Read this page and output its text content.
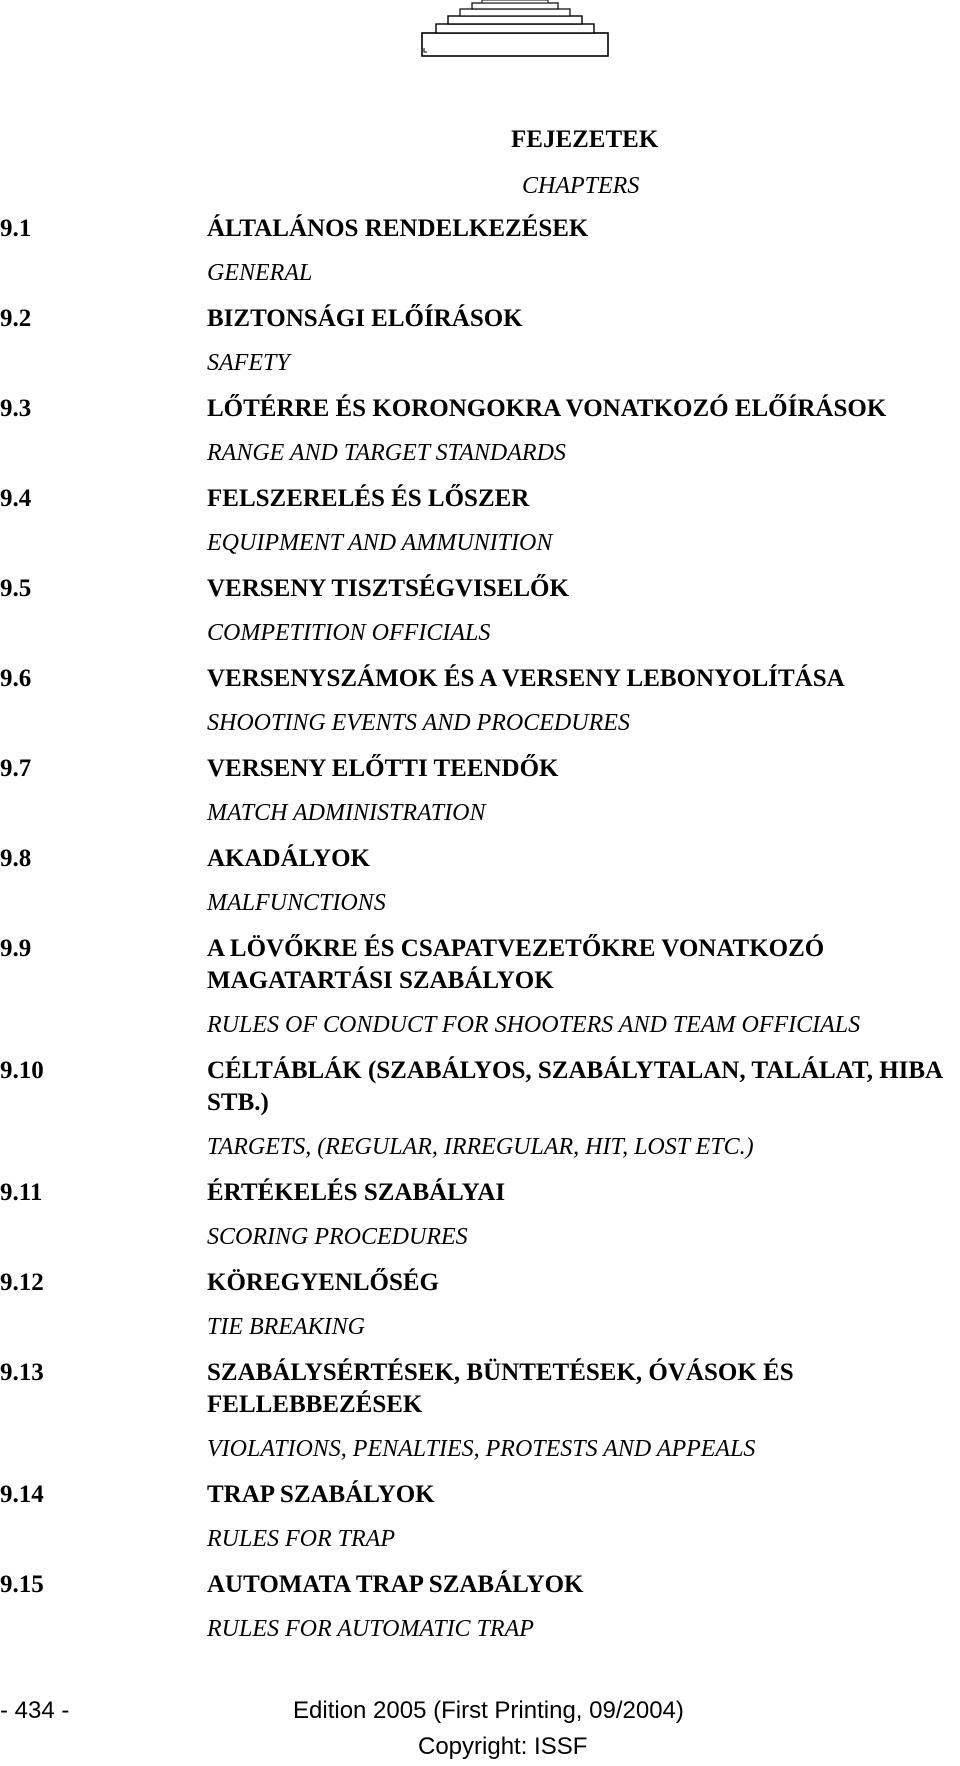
FEJEZETEK
CHAPTERS
9.1	ÁLTALÁNOS RENDELKEZÉSEK
GENERAL
9.2	BIZTONSÁGI ELŐÍRÁSOK
SAFETY
9.3	LŐTÉRRE ÉS KORONGOKRA VONATKOZÓ ELŐÍRÁSOK
RANGE AND TARGET STANDARDS
9.4	FELSZERELÉS ÉS LŐSZER
EQUIPMENT AND AMMUNITION
9.5	VERSENY TISZTSÉGVISELŐK
COMPETITION OFFICIALS
9.6	VERSENYSZÁMOK ÉS A VERSENY LEBONYOLÍTÁSA
SHOOTING EVENTS AND PROCEDURES
9.7	VERSENY ELŐTTI TEENDŐK
MATCH ADMINISTRATION
9.8	AKADÁLYOK
MALFUNCTIONS
9.9	A LÖVŐKRE ÉS CSAPATVEZETŐKRE VONATKOZÓ MAGATARTÁSI SZABÁLYOK
RULES OF CONDUCT FOR SHOOTERS AND TEAM OFFICIALS
9.10	CÉLTÁBLÁK (SZABÁLYOS, SZABÁLYTALAN, TALÁLAT, HIBA STB.)
TARGETS, (REGULAR, IRREGULAR, HIT, LOST ETC.)
9.11	ÉRTÉKELÉS SZABÁLYAI
SCORING PROCEDURES
9.12	KÖREGYENLŐSÉG
TIE BREAKING
9.13	SZABÁLYSÉRTÉSEK, BÜNTETÉSEK, ÓVÁSOK ÉS FELLEBBEZÉSEK
VIOLATIONS, PENALTIES, PROTESTS AND APPEALS
9.14	TRAP SZABÁLYOK
RULES FOR TRAP
9.15	AUTOMATA TRAP SZABÁLYOK
RULES FOR AUTOMATIC TRAP
- 434 -	Edition 2005 (First Printing, 09/2004)
Copyright: ISSF
